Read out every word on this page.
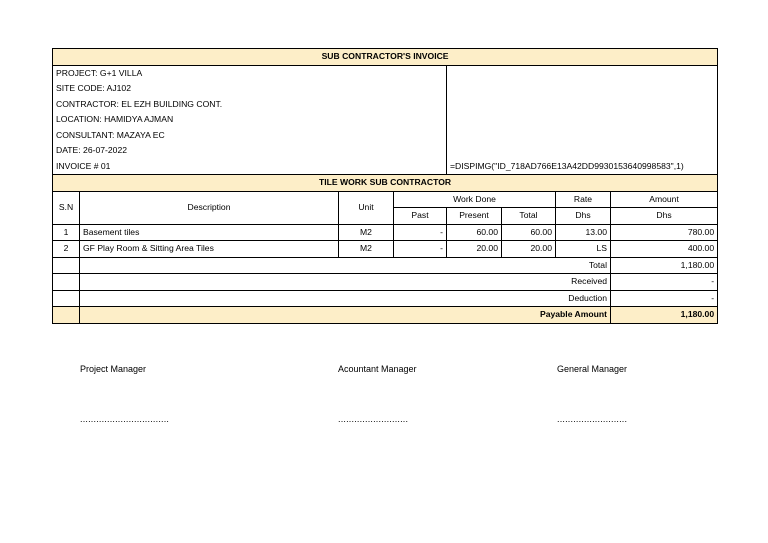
SUB CONTRACTOR'S INVOICE							
PROJECT: G+1 VILLA							
SITE CODE: AJ102							
CONTRACTOR: EL EZH BUILDING CONT.							
LOCATION: HAMIDYA AJMAN							
CONSULTANT: MAZAYA EC							
DATE: 26-07-2022							
INVOICE # 01				=DISPIMG("ID_718AD766E13A42DD9930153640998583",1)			
TILE WORK SUB CONTRACTOR							
S.N	Description	Unit	Work Done			Rate	Amount
			Past	Present	Total	Dhs	Dhs
1	Basement tiles	M2	-	60.00	60.00	13.00	780.00
2	GF Play Room & Sitting Area Tiles	M2	-	20.00	20.00	LS	400.00
	Total						1,180.00
	Received						-
	Deduction						-
	Payable Amount						1,180.00
Project Manager	Acountant Manager	General Manager
.................................	..........................	..........................
